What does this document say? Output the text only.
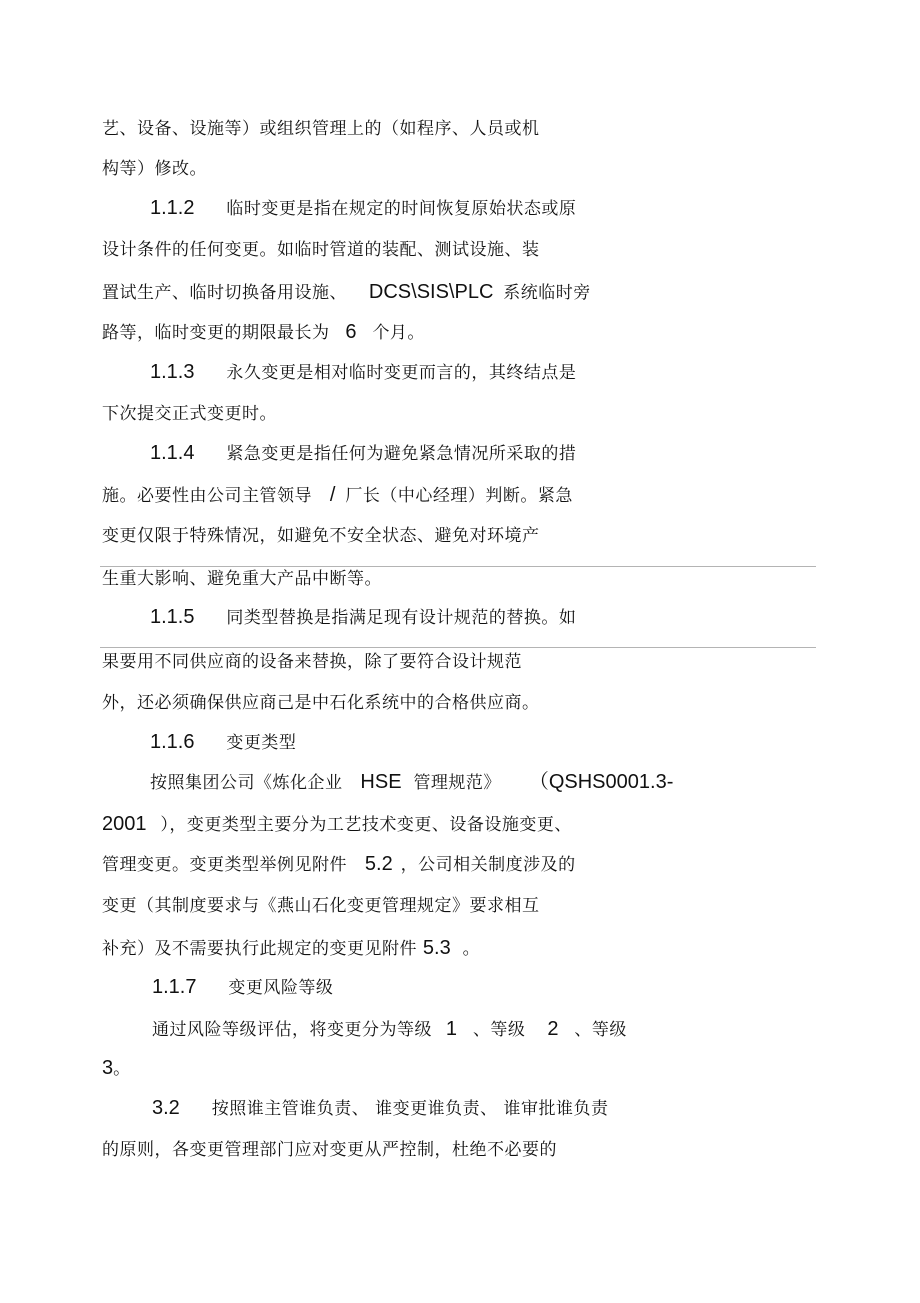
艺、设备、设施等）或组织管理上的（如程序、人员或机
构等）修改。
1.1.2 临时变更是指在规定的时间恢复原始状态或原
设计条件的任何变更。如临时管道的装配、测试设施、装
置试生产、临时切换备用设施、 DCS\SIS\PLC 系统临时旁
路等，临时变更的期限最长为 6 个月。
1.1.3 永久变更是相对临时变更而言的，其终结点是
下次提交正式变更时。
1.1.4 紧急变更是指任何为避免紧急情况所采取的措
施。必要性由公司主管领导 / 厂长（中心经理）判断。紧急
变更仅限于特殊情况，如避免不安全状态、避免对环境产
生重大影响、避免重大产品中断等。
1.1.5 同类型替换是指满足现有设计规范的替换。如
果要用不同供应商的设备来替换，除了要符合设计规范
外，还必须确保供应商己是中石化系统中的合格供应商。
1.1.6 变更类型
按照集团公司《炼化企业 HSE 管理规范》 （QSHS0001.3-
2001 ），变更类型主要分为工艺技术变更、设备设施变更、
管理变更。变更类型举例见附件 5.2 ，公司相关制度涉及的
变更（其制度要求与《燕山石化变更管理规定》要求相互
补充）及不需要执行此规定的变更见附件 5.3 。
1.1.7 变更风险等级
通过风险等级评估，将变更分为等级 1 、等级 2 、等级
3。
3.2 按照谁主管谁负责、 谁变更谁负责、 谁审批谁负责
的原则，各变更管理部门应对变更从严控制，杜绝不必要的
